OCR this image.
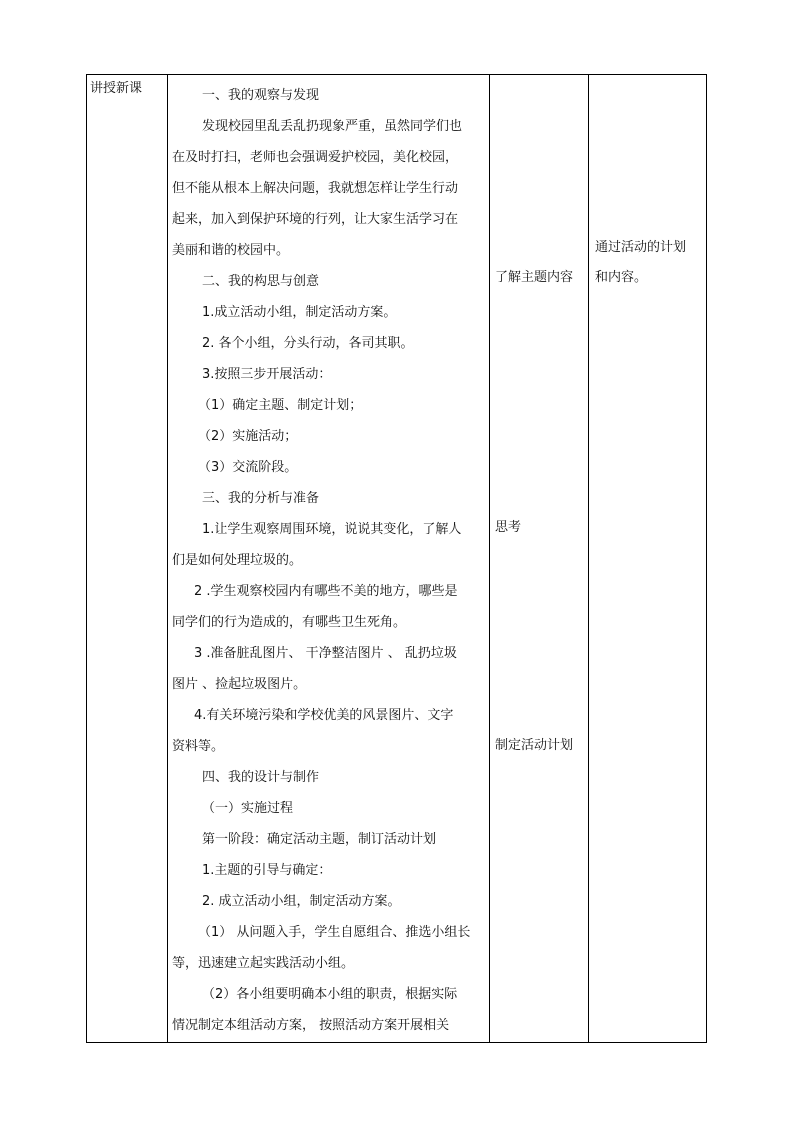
讲授新课	一、我的观察与发现
发现校园里乱丢乱扔现象严重，虽然同学们也
在及时打扫，老师也会强调爱护校园，美化校园，
但不能从根本上解决问题，我就想怎样让学生行动
起来，加入到保护环境的行列，让大家生活学习在
美丽和谐的校园中。
二、我的构思与创意
1.成立活动小组，制定活动方案。
2. 各个小组，分头行动，各司其职。
3.按照三步开展活动：
（1）确定主题、制定计划；
（2）实施活动；
（3）交流阶段。
三、我的分析与准备
1.让学生观察周围环境，说说其变化，了解人
们是如何处理垃圾的。
2 .学生观察校园内有哪些不美的地方，哪些是
同学们的行为造成的，有哪些卫生死角。
3 .准备脏乱图片、 干净整洁图片 、 乱扔垃圾
图片 、捡起垃圾图片。
4.有关环境污染和学校优美的风景图片、文字
资料等。
四、我的设计与制作
（一）实施过程
第一阶段：确定活动主题，制订活动计划
1.主题的引导与确定：
2. 成立活动小组，制定活动方案。
（1） 从问题入手，学生自愿组合、推选小组长
等，迅速建立起实践活动小组。
（2）各小组要明确本小组的职责，根据实际
情况制定本组活动方案， 按照活动方案开展相关
了解主题内容
思考
制定活动计划
通过活动的计划
和内容。
